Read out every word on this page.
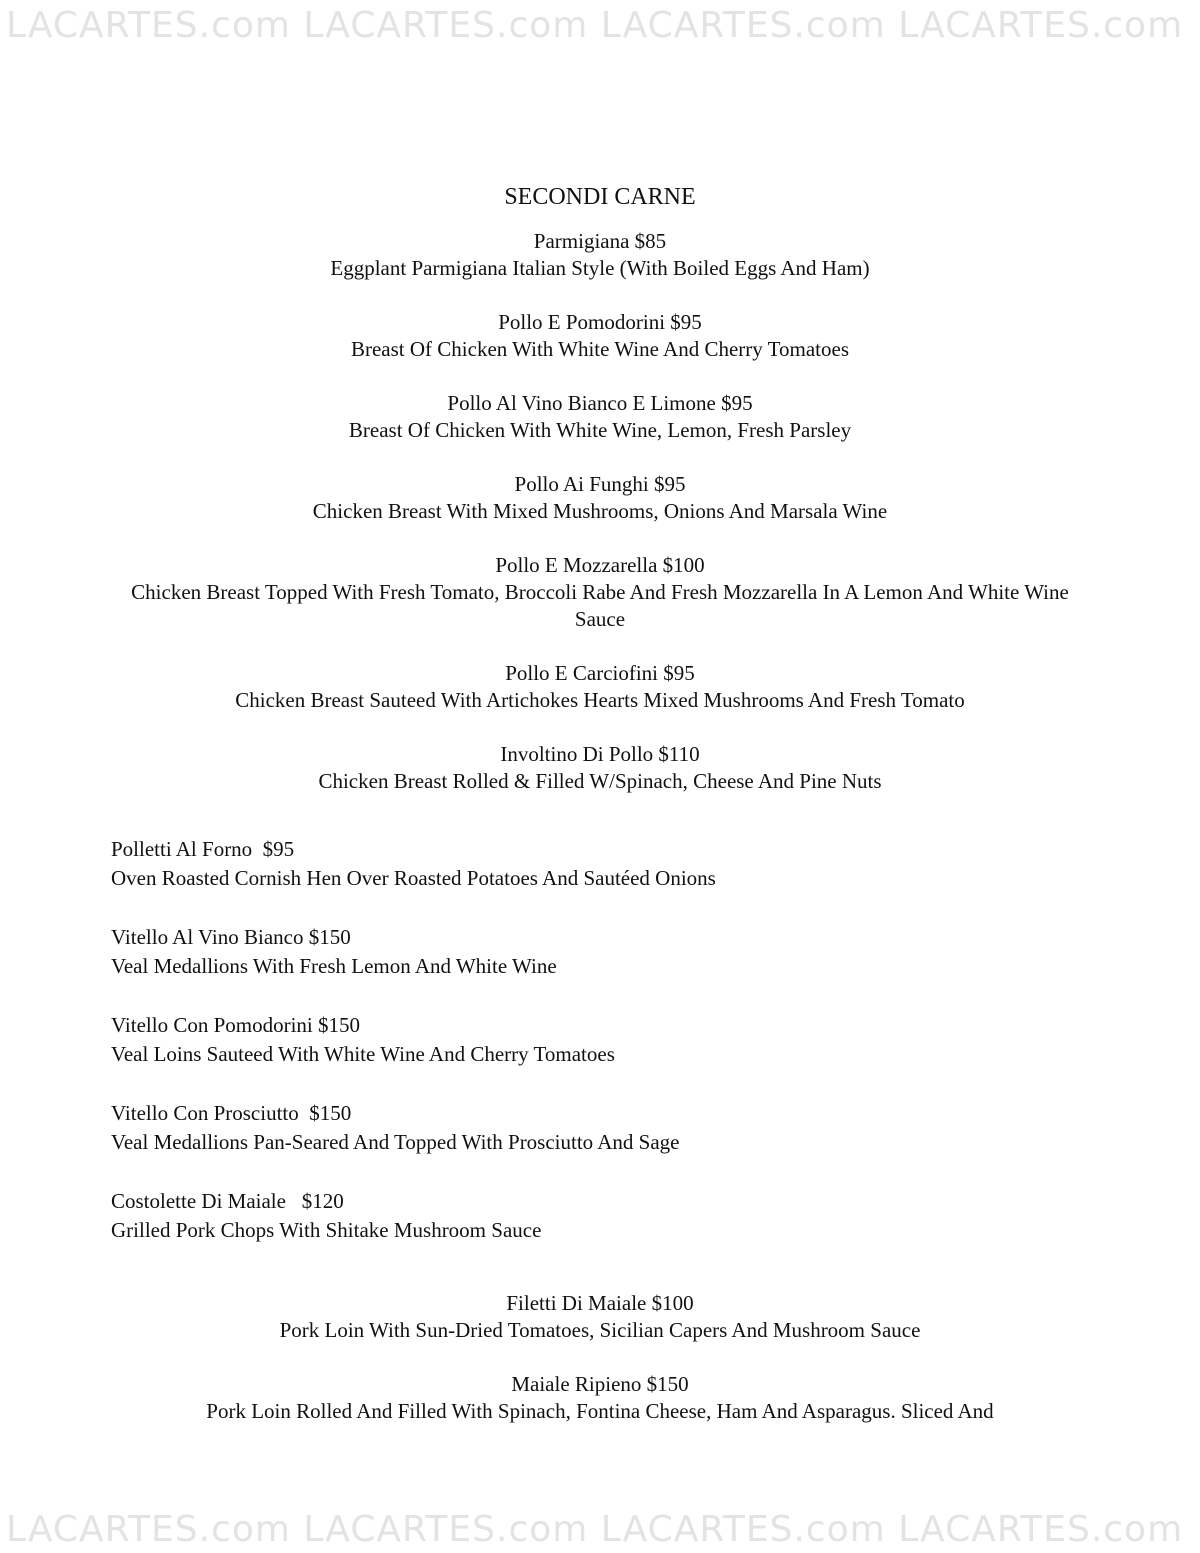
LACARTES.com LACARTES.com LACARTES.com LACARTES.com
SECONDI CARNE
Parmigiana $85
Eggplant Parmigiana Italian Style (With Boiled Eggs And Ham)
Pollo E Pomodorini $95
Breast Of Chicken With White Wine And Cherry Tomatoes
Pollo Al Vino Bianco E Limone $95
Breast Of Chicken With White Wine, Lemon, Fresh Parsley
Pollo Ai Funghi $95
Chicken Breast With Mixed Mushrooms, Onions And Marsala Wine
Pollo E Mozzarella $100
Chicken Breast Topped With Fresh Tomato, Broccoli Rabe And Fresh Mozzarella In A Lemon And White Wine Sauce
Pollo E Carciofini $95
Chicken Breast Sauteed With Artichokes Hearts Mixed Mushrooms And Fresh Tomato
Involtino Di Pollo $110
Chicken Breast Rolled & Filled W/Spinach, Cheese And Pine Nuts
Polletti Al Forno  $95
Oven Roasted Cornish Hen Over Roasted Potatoes And Sautéed Onions
Vitello Al Vino Bianco $150
Veal Medallions With Fresh Lemon And White Wine
Vitello Con Pomodorini $150
Veal Loins Sauteed With White Wine And Cherry Tomatoes
Vitello Con Prosciutto  $150
Veal Medallions Pan-Seared And Topped With Prosciutto And Sage
Costolette Di Maiale   $120
Grilled Pork Chops With Shitake Mushroom Sauce
Filetti Di Maiale $100
Pork Loin With Sun-Dried Tomatoes, Sicilian Capers And Mushroom Sauce
Maiale Ripieno $150
Pork Loin Rolled And Filled With Spinach, Fontina Cheese, Ham And Asparagus. Sliced And
LACARTES.com LACARTES.com LACARTES.com LACARTES.com
